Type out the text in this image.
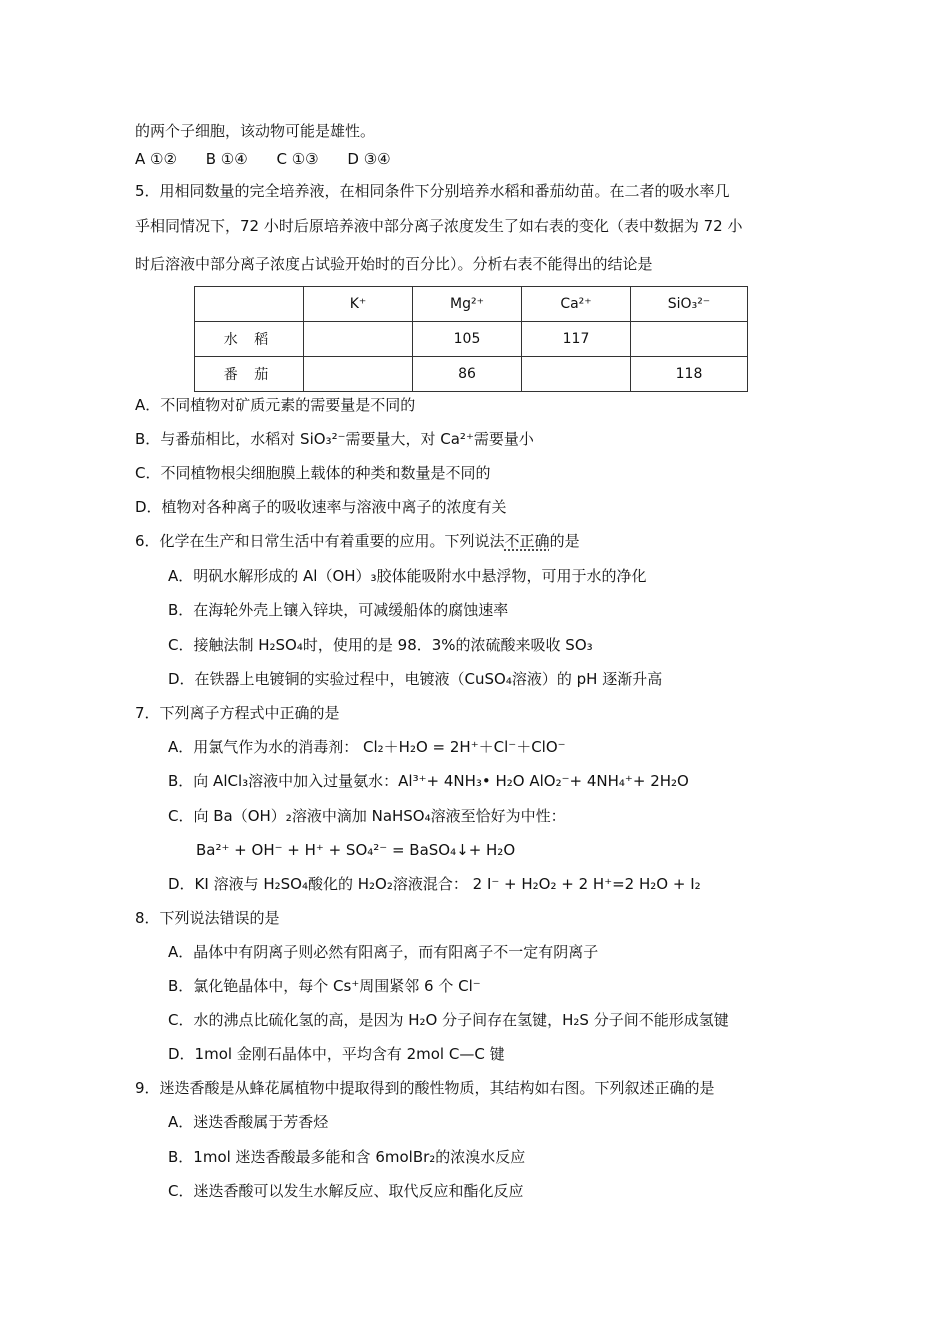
的两个子细胞，该动物可能是雄性。
A ①② B ①④ C ①③ D ③④
5．用相同数量的完全培养液，在相同条件下分别培养水稻和番茄幼苗。在二者的吸水率几
乎相同情况下，72 小时后原培养液中部分离子浓度发生了如右表的变化（表中数据为 72 小
时后溶液中部分离子浓度占试验开始时的百分比）。分析右表不能得出的结论是
	K⁺	Mg²⁺	Ca²⁺	SiO₃²⁻
水 稻		105	117	
番 茄		86		118
A．不同植物对矿质元素的需要量是不同的
B．与番茄相比，水稻对 SiO₃²⁻需要量大，对 Ca²⁺需要量小
C．不同植物根尖细胞膜上载体的种类和数量是不同的
D．植物对各种离子的吸收速率与溶液中离子的浓度有关
6．化学在生产和日常生活中有着重要的应用。下列说法不正确的是
A．明矾水解形成的 Al（OH）₃胶体能吸附水中悬浮物，可用于水的净化
B．在海轮外壳上镶入锌块，可减缓船体的腐蚀速率
C．接触法制 H₂SO₄时，使用的是 98．3%的浓硫酸来吸收 SO₃
D．在铁器上电镀铜的实验过程中，电镀液（CuSO₄溶液）的 pH 逐渐升高
7．下列离子方程式中正确的是
A．用氯气作为水的消毒剂： Cl₂＋H₂O = 2H⁺＋Cl⁻＋ClO⁻
B．向 AlCl₃溶液中加入过量氨水：Al³⁺+ 4NH₃• H₂O AlO₂⁻+ 4NH₄⁺+ 2H₂O
C．向 Ba（OH）₂溶液中滴加 NaHSO₄溶液至恰好为中性：
Ba²⁺ + OH⁻ + H⁺ + SO₄²⁻ = BaSO₄↓+ H₂O
D．KI 溶液与 H₂SO₄酸化的 H₂O₂溶液混合： 2 I⁻ + H₂O₂ + 2 H⁺=2 H₂O + I₂
8．下列说法错误的是
A．晶体中有阴离子则必然有阳离子，而有阳离子不一定有阴离子
B．氯化铯晶体中，每个 Cs⁺周围紧邻 6 个 Cl⁻
C．水的沸点比硫化氢的高，是因为 H₂O 分子间存在氢键，H₂S 分子间不能形成氢键
D．1mol 金刚石晶体中，平均含有 2mol C—C 键
9．迷迭香酸是从蜂花属植物中提取得到的酸性物质，其结构如右图。下列叙述正确的是
A．迷迭香酸属于芳香烃
B．1mol 迷迭香酸最多能和含 6molBr₂的浓溴水反应
C．迷迭香酸可以发生水解反应、取代反应和酯化反应
